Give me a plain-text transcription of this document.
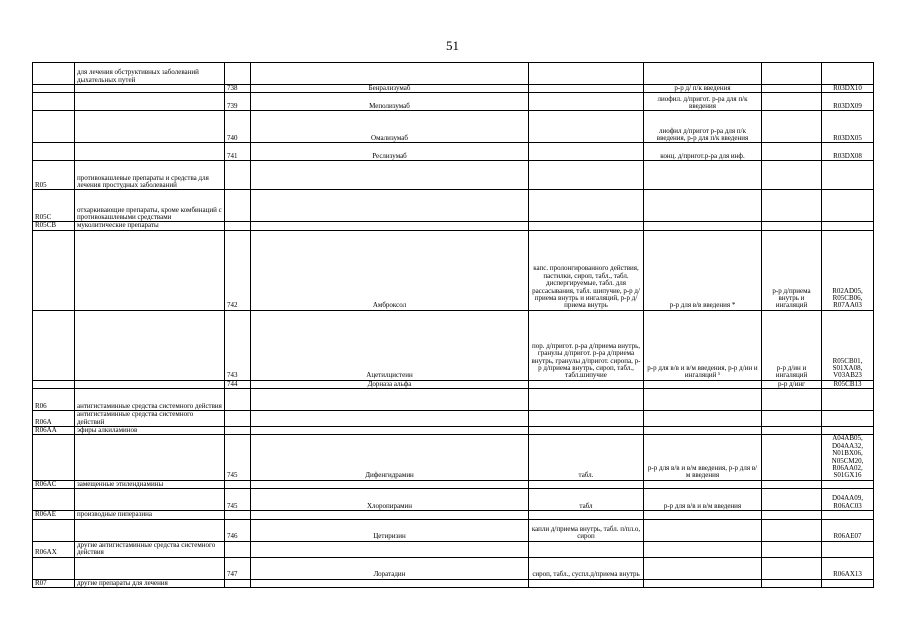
51
	для лечения обструктивных заболеваний дыхательных путей						
		738	Бенрализумаб		р-р д/ п/к введения		R03DX10
		739	Меполизумаб		лиофил. д/пригот. р-ра для п/к введения		R03DX09
		740	Омализумаб		лиофил д/пригот р-ра для п/к введения, р-р для п/к введения		R03DX05
		741	Реслизумаб		конц. д/пригот.р-ра для инф.		R03DX08
R05	противокашлевые препараты и средства для лечения простудных заболеваний						
R05C	отхаркивающие препараты, кроме комбинаций с противокашлевыми средствами						
R05CB	муколитические препараты						
		742	Амброксол	капс. пролонгированного действия, пастилки, сироп, табл., табл. диспергируемые, табл. для рассасывания, табл. шипучие, р-р д/приема внутрь и ингаляций, р-р д/приема внутрь	р-р для в/в введения *	р-р д/приема внутрь и ингаляций	R02AD05, R05CB06, R07AA03
		743	Ацетилцистеин	пор. д/пригот. р-ра д/приема внутрь, гранулы д/пригот. р-ра д/приема внутрь, гранулы д/пригот. сиропа, р-р д/приема внутрь, сироп, табл., табл.шипучие	р-р для в/в и в/м введения, р-р д/ин и ингаляций ¹	р-р д/ин и ингаляций	R05CB01, S01XA08, V03AB23
		744	Дорназа альфа			р-р д/инг	R05CB13
R06	антигистаминные средства системного действия						
R06A	антигистаминные средства системного действий						
R06AA	эфиры алкиламинов						
		745	Дифенгидрамин	табл.	р-р для в/в и в/м введения, р-р для в/м введения		A04AB05, D04AA32, N01BX06, N05CM20, R06AA02, S01GX16
R06AC	замещенные этилендиамины						
		745	Хлоропирамин	табл	р-р для в/в и в/м введения		D04AA09, R06AC03
R06AE	производные пиперазина						
		746	Цетиризин	капли д/приема внутрь, табл. п/пл.о, сироп			R06AE07
R06AX	другие антигистаминные средства системного действия						
		747	Лоратадин	сироп, табл., суспл.д/приема внутрь			R06AX13
R07	другие препараты для лечения						
